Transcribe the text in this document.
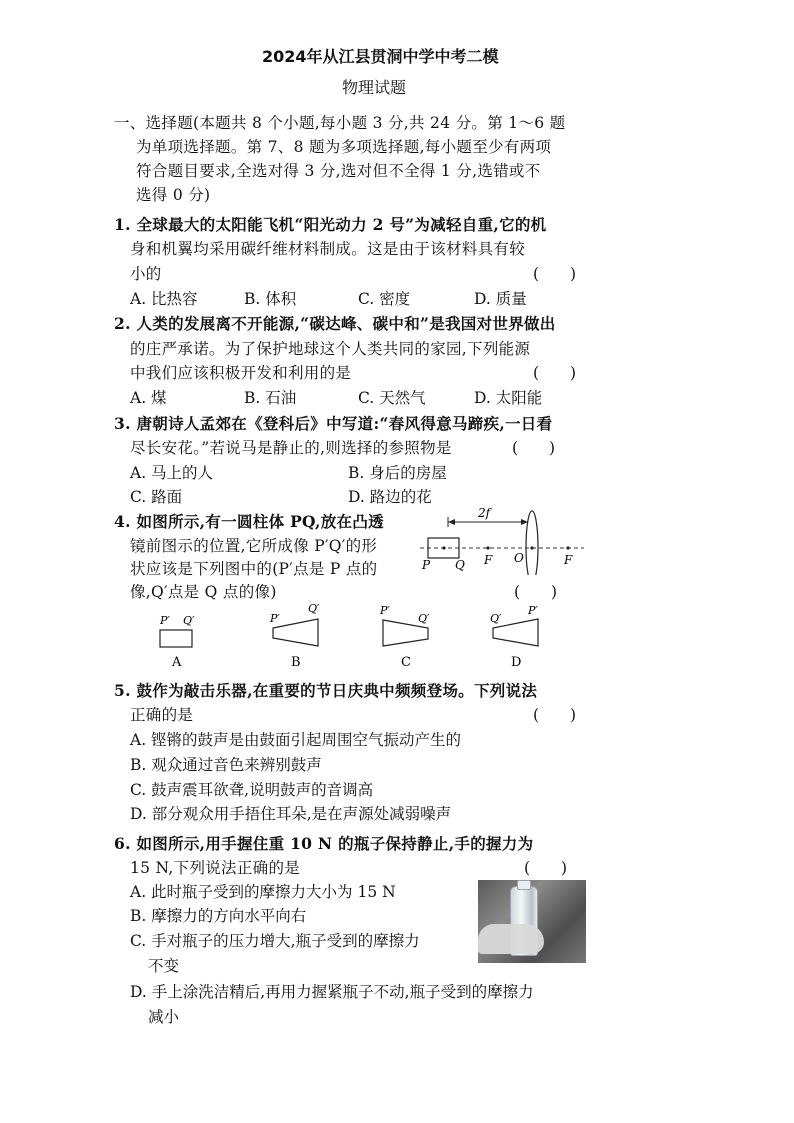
2024年从江县贯洞中学中考二模
物理试题
一、选择题(本题共 8 个小题,每小题 3 分,共 24 分。第 1～6 题
为单项选择题。第 7、8 题为多项选择题,每小题至少有两项
符合题目要求,全选对得 3 分,选对但不全得 1 分,选错或不
选得 0 分)
1. 全球最大的太阳能飞机“阳光动力 2 号”为减轻自重,它的机
身和机翼均采用碳纤维材料制成。这是由于该材料具有较
小的	(　　)
A. 比热容	B. 体积	C. 密度	D. 质量
2. 人类的发展离不开能源,“碳达峰、碳中和”是我国对世界做出
的庄严承诺。为了保护地球这个人类共同的家园,下列能源
中我们应该积极开发和利用的是	(　　)
A. 煤	B. 石油	C. 天然气	D. 太阳能
3. 唐朝诗人孟郊在《登科后》中写道:“春风得意马蹄疾,一日看
尽长安花。”若说马是静止的,则选择的参照物是	(　　)
A. 马上的人	B. 身后的房屋
C. 路面	D. 路边的花
4. 如图所示,有一圆柱体 PQ,放在凸透
镜前图示的位置,它所成像 P′Q′的形
状应该是下列图中的(P′点是 P 点的
像,Q′点是 Q 点的像)	(　　)
2f
P Q F O	F
P′ Q′
A
P′
Q′
B
P′
Q′
C
Q′
P′
D
5. 鼓作为敲击乐器,在重要的节日庆典中频频登场。下列说法
正确的是	(　　)
A. 铿锵的鼓声是由鼓面引起周围空气振动产生的
B. 观众通过音色来辨别鼓声
C. 鼓声震耳欲聋,说明鼓声的音调高
D. 部分观众用手捂住耳朵,是在声源处减弱噪声
6. 如图所示,用手握住重 10 N 的瓶子保持静止,手的握力为
15 N,下列说法正确的是	(　　)
A. 此时瓶子受到的摩擦力大小为 15 N
B. 摩擦力的方向水平向右
C. 手对瓶子的压力增大,瓶子受到的摩擦力
不变
D. 手上涂洗洁精后,再用力握紧瓶子不动,瓶子受到的摩擦力
减小
